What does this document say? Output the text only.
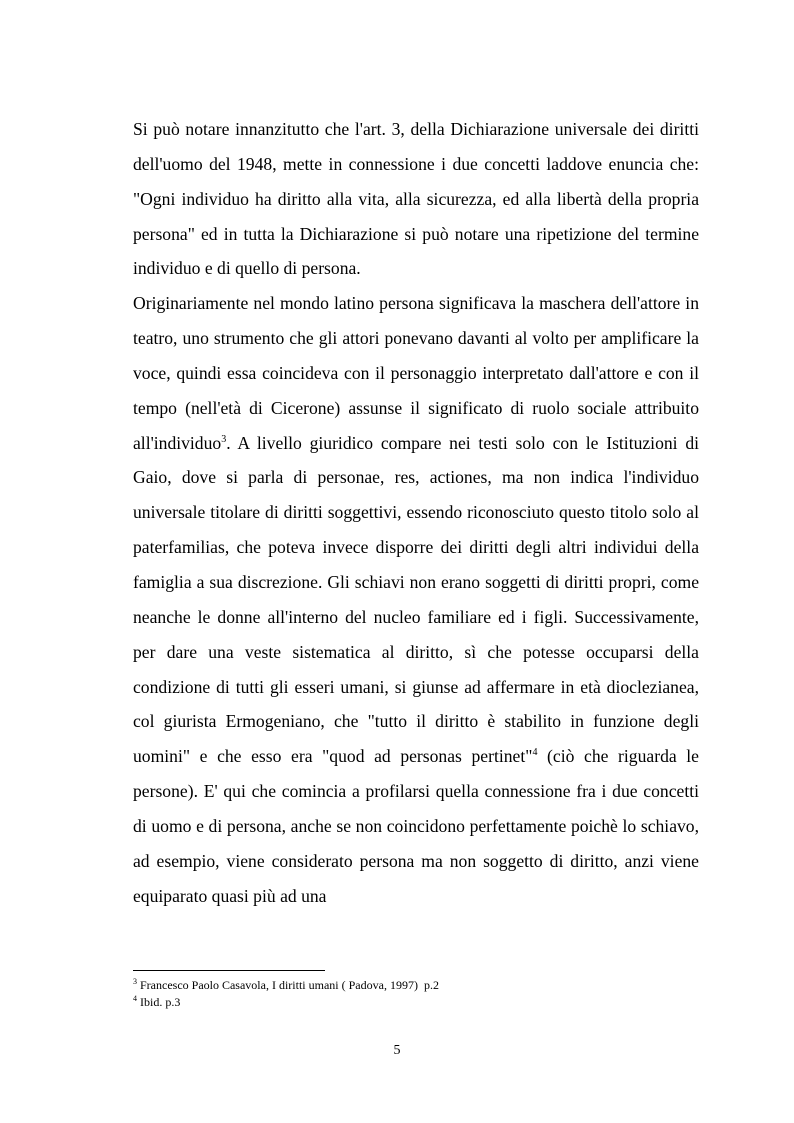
Si può notare innanzitutto che l'art. 3, della Dichiarazione universale dei diritti dell'uomo del 1948, mette in connessione i due concetti laddove enuncia che: "Ogni individuo ha diritto alla vita, alla sicurezza, ed alla libertà della propria persona" ed in tutta la Dichiarazione si può notare una ripetizione del termine individuo e di quello di persona.

Originariamente nel mondo latino persona significava la maschera dell'attore in teatro, uno strumento che gli attori ponevano davanti al volto per amplificare la voce, quindi essa coincideva con il personaggio interpretato dall'attore e con il tempo (nell'età di Cicerone) assunse il significato di ruolo sociale attribuito all'individuo$^3$. A livello giuridico compare nei testi solo con le Istituzioni di Gaio, dove si parla di personae, res, actiones, ma non indica l'individuo universale titolare di diritti soggettivi, essendo riconosciuto questo titolo solo al paterfamilias, che poteva invece disporre dei diritti degli altri individui della famiglia a sua discrezione. Gli schiavi non erano soggetti di diritti propri, come neanche le donne all'interno del nucleo familiare ed i figli. Successivamente, per dare una veste sistematica al diritto, sì che potesse occuparsi della condizione di tutti gli esseri umani, si giunse ad affermare in età dioclezianea, col giurista Ermogeniano, che "tutto il diritto è stabilito in funzione degli uomini" e che esso era "quod ad personas pertinet"$^4$ (ciò che riguarda le persone). E' qui che comincia a profilarsi quella connessione fra i due concetti di uomo e di persona, anche se non coincidono perfettamente poichè lo schiavo, ad esempio, viene considerato persona ma non soggetto di diritto, anzi viene equiparato quasi più ad una

$^3$ Francesco Paolo Casavola, I diritti umani ( Padova, 1997)  p.2
$^4$ Ibid. p.3
5
